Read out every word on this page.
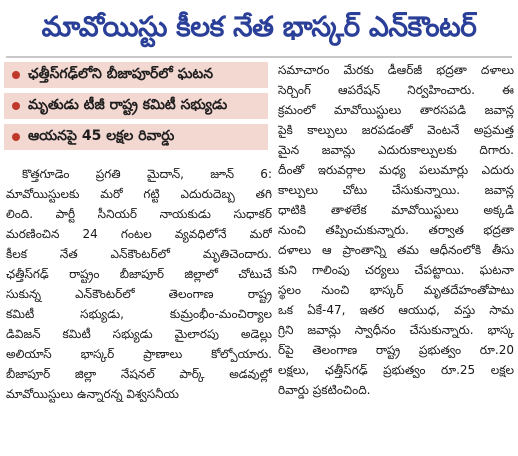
మావోయిస్టు కీలక నేత భాస్కర్ ఎన్‌కౌంటర్
ఛత్తీస్‌గఢ్‌లోని బీజాపూర్‌లో ఘటన
మృతుడు టీజీ రాష్ట్ర కమిటీ సభ్యుడు
ఆయనపై 45 లక్షల రివార్డు
కొత్తగూడెం ప్రగతి మైదాన్, జూన్ 6:
మావోయిస్టులకు మరో గట్టి ఎదురుదెబ్బ తగి
లింది. పార్టీ సీనియర్ నాయకుడు సుధాకర్
మరణించిన 24 గంటల వ్యవధిలోనే మరో
కీలక నేత ఎన్‌కౌంటర్‌లో మృతిచెందారు.
ఛత్తీస్‌గఢ్ రాష్ట్రం బీజాపూర్ జిల్లాలో చోటుచే
సుకున్న ఎన్‌కౌంటర్‌లో తెలంగాణ రాష్ట్ర
కమిటీ సభ్యుడు, కుమ్రంభీం-మంచిర్యాల
డివిజన్ కమిటీ సభ్యుడు మైలారపు అడెల్లు
అలియాస్ భాస్కర్ ప్రాణాలు కోల్పోయారు.
బీజాపూర్ జిల్లా నేషనల్ పార్క్ అడవుల్లో
మావోయిస్టులు ఉన్నారన్న విశ్వసనీయ
సమాచారం మేరకు డీఆర్‌జీ భద్రతా దళాలు
సెర్చింగ్ ఆపరేషన్ నిర్వహించారు. ఈ
క్రమంలో మావోయిస్టులు తారసపడి జవాన్ల
పైకి కాల్పులు జరపడంతో వెంటనే అప్రమత్త
మైన జవాన్లు ఎదురుకాల్పులకు దిగారు.
దీంతో ఇరువర్గాల మధ్య పలుమార్లు ఎదురు
కాల్పులు చోటు చేసుకున్నాయి. జవాన్ల
ధాటికి తాళలేక మావోయిస్టులు అక్కడి
నుంచి తప్పించుకున్నారు. తర్వాత భద్రతా
దళాలు ఆ ప్రాంతాన్ని తమ ఆధీనంలోకి తీసు
కుని గాలింపు చర్యలు చేపట్టాయి. ఘటనా
స్థలం నుంచి భాస్కర్ మృతదేహంతోపాటు
ఒక ఏకే-47, ఇతర ఆయుధ, వస్తు సామ
గ్రిని జవాన్లు స్వాధీనం చేసుకున్నారు. భాస్క
ర్‌పై తెలంగాణ రాష్ట్ర ప్రభుత్వం రూ.20
లక్షలు, ఛత్తీస్‌గఢ్ ప్రభుత్వం రూ.25 లక్షల
రివార్డు ప్రకటించింది.
